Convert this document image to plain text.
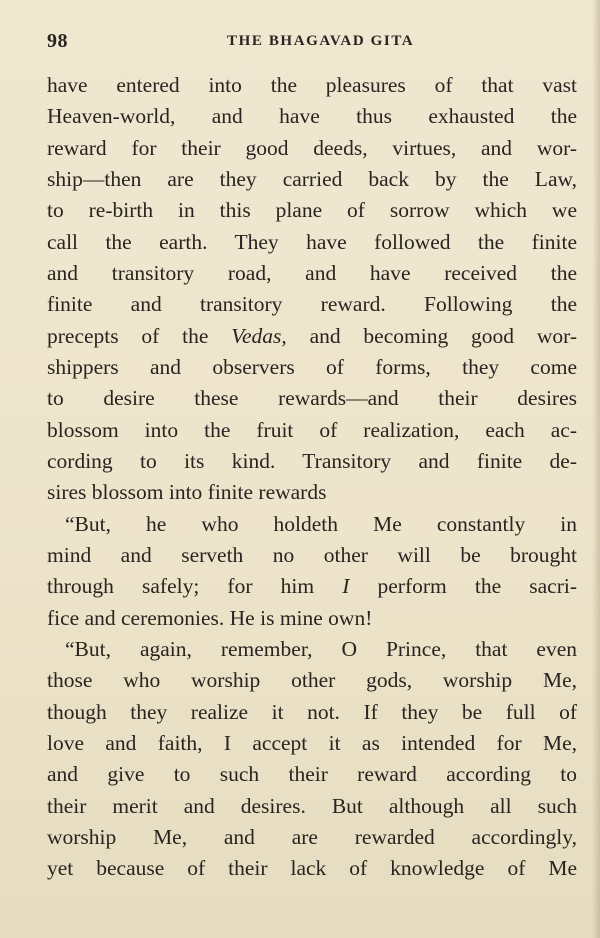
98	THE BHAGAVAD GITA
have entered into the pleasures of that vast
Heaven-world, and have thus exhausted the
reward for their good deeds, virtues, and wor-
ship—then are they carried back by the Law,
to re-birth in this plane of sorrow which we
call the earth. They have followed the finite
and transitory road, and have received the
finite and transitory reward. Following the
precepts of the Vedas, and becoming good wor-
shippers and observers of forms, they come
to desire these rewards—and their desires
blossom into the fruit of realization, each ac-
cording to its kind. Transitory and finite de-
sires blossom into finite rewards
“But, he who holdeth Me constantly in
mind and serveth no other will be brought
through safely; for him I perform the sacri-
fice and ceremonies. He is mine own!
“But, again, remember, O Prince, that even
those who worship other gods, worship Me,
though they realize it not. If they be full of
love and faith, I accept it as intended for Me,
and give to such their reward according to
their merit and desires. But although all such
worship Me, and are rewarded accordingly,
yet because of their lack of knowledge of Me
